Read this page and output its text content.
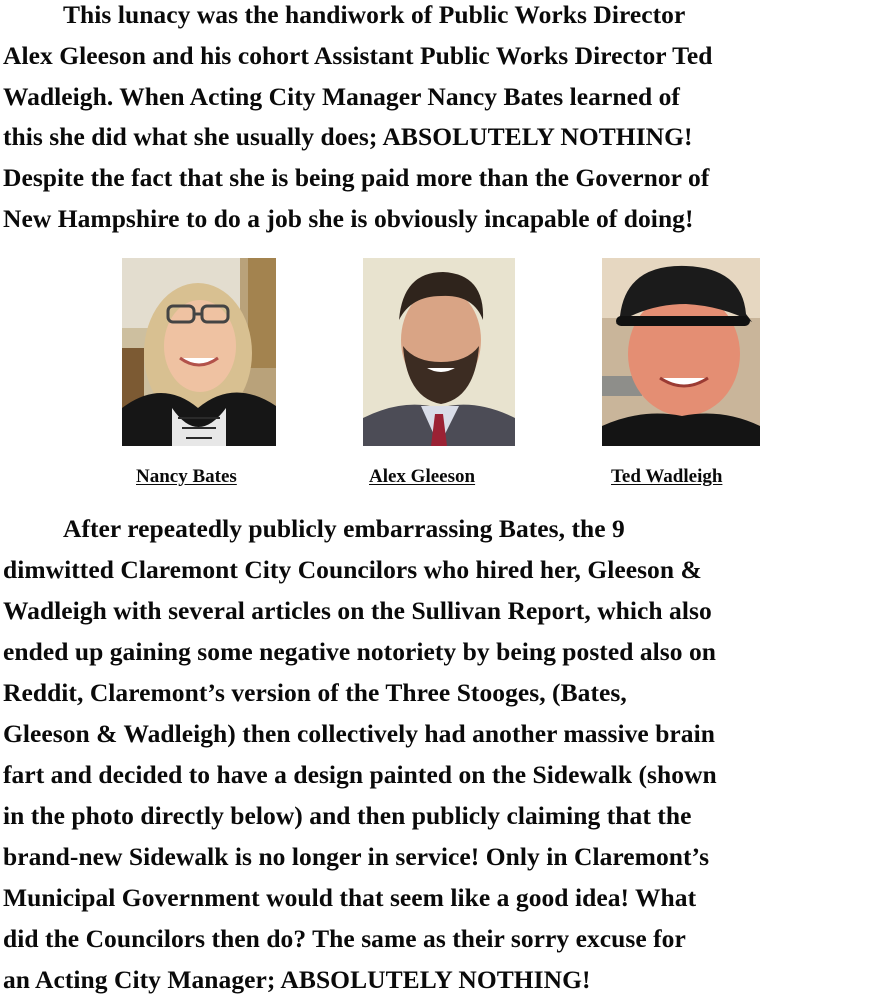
This lunacy was the handiwork of Public Works Director
Alex Gleeson and his cohort Assistant Public Works Director Ted
Wadleigh. When Acting City Manager Nancy Bates learned of
this she did what she usually does; ABSOLUTELY NOTHING!
Despite the fact that she is being paid more than the Governor of
New Hampshire to do a job she is obviously incapable of doing!
Nancy Bates	Alex Gleeson	Ted Wadleigh
After repeatedly publicly embarrassing Bates, the 9
dimwitted Claremont City Councilors who hired her, Gleeson &
Wadleigh with several articles on the Sullivan Report, which also
ended up gaining some negative notoriety by being posted also on
Reddit, Claremont’s version of the Three Stooges, (Bates,
Gleeson & Wadleigh) then collectively had another massive brain
fart and decided to have a design painted on the Sidewalk (shown
in the photo directly below) and then publicly claiming that the
brand-new Sidewalk is no longer in service! Only in Claremont’s
Municipal Government would that seem like a good idea! What
did the Councilors then do? The same as their sorry excuse for
an Acting City Manager; ABSOLUTELY NOTHING!
